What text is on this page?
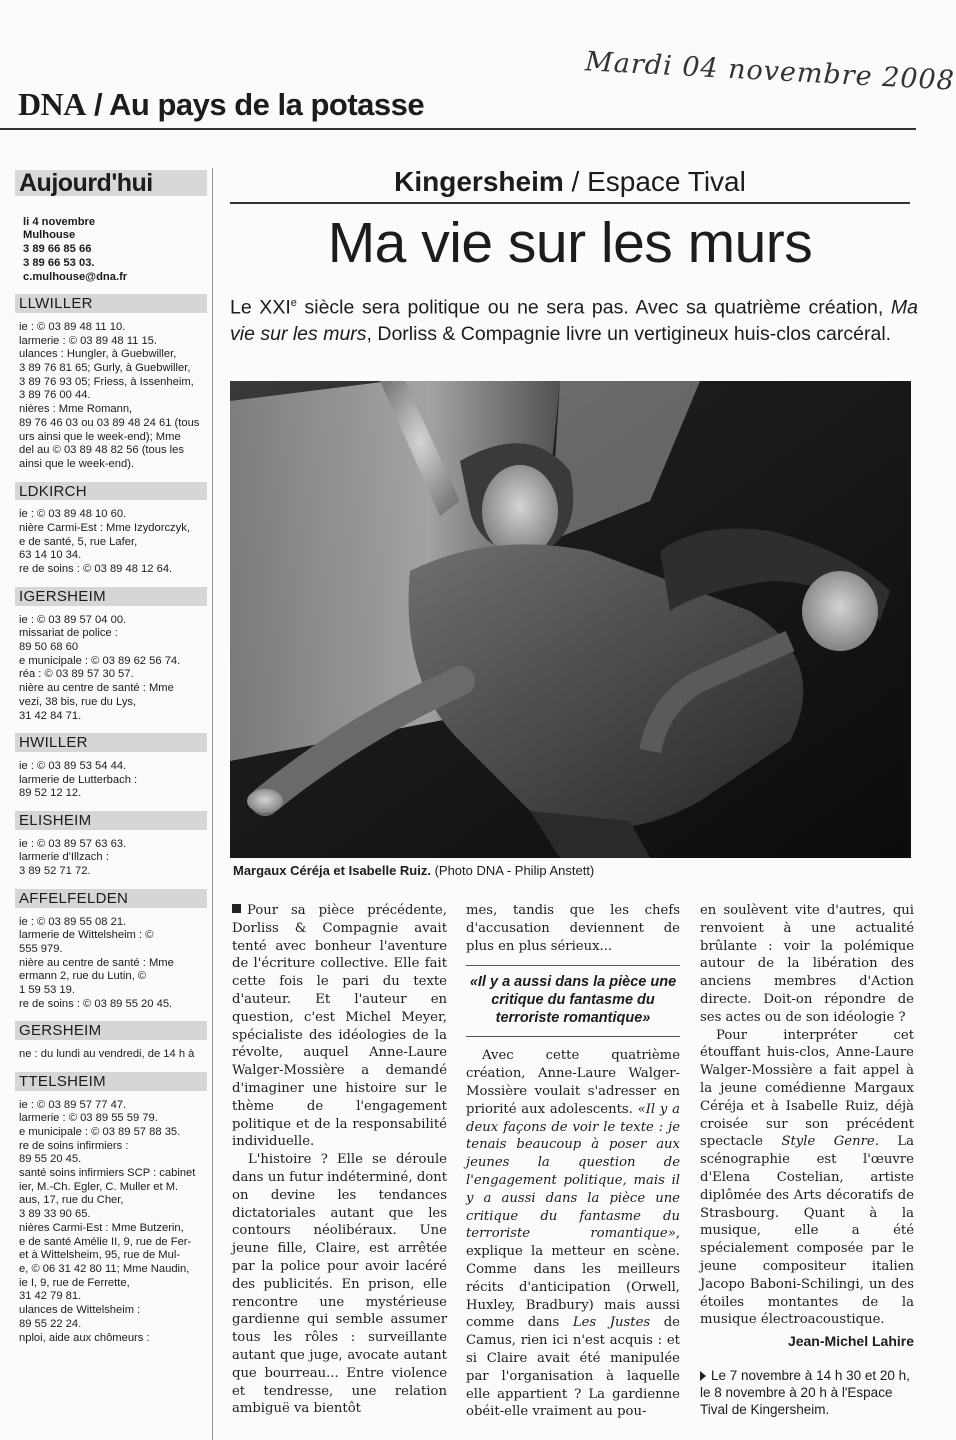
Mardi 04 novembre 2008
DNA / Au pays de la potasse
Aujourd'hui
li 4 novembre
Mulhouse
3 89 66 85 66
3 89 66 53 03.
c.mulhouse@dna.fr
LLWILLER
ie : © 03 89 48 11 10.
larmerie : © 03 89 48 11 15.
ulances : Hungler, à Guebwiller,
3 89 76 81 65; Gurly, à Guebwiller,
3 89 76 93 05; Friess, à Issenheim,
3 89 76 00 44.
nières : Mme Romann,
89 76 46 03 ou 03 89 48 24 61 (tous
urs ainsi que le week-end); Mme
del au © 03 89 48 82 56 (tous les
ainsi que le week-end).
LDKIRCH
ie : © 03 89 48 10 60.
nière Carmi-Est : Mme Izydorczyk,
e de santé, 5, rue Lafer,
63 14 10 34.
re de soins : © 03 89 48 12 64.
IGERSHEIM
ie : © 03 89 57 04 00.
missariat de police :
89 50 68 60
e municipale : © 03 89 62 56 74.
réa : © 03 89 57 30 57.
nière au centre de santé : Mme
vezi, 38 bis, rue du Lys,
31 42 84 71.
HWILLER
ie : © 03 89 53 54 44.
larmerie de Lutterbach :
89 52 12 12.
ELISHEIM
ie : © 03 89 57 63 63.
larmerie d'Illzach :
3 89 52 71 72.
AFFELFELDEN
ie : © 03 89 55 08 21.
larmerie de Wittelsheim : ©
555 979.
nière au centre de santé : Mme
ermann 2, rue du Lutin, ©
1 59 53 19.
re de soins : © 03 89 55 20 45.
GERSHEIM
ne : du lundi au vendredi, de 14 h à
TTELSHEIM
ie : © 03 89 57 77 47.
larmerie : © 03 89 55 59 79.
e municipale : © 03 89 57 88 35.
re de soins infirmiers :
89 55 20 45.
santé soins infirmiers SCP : cabinet
ier, M.-Ch. Egler, C. Muller et M.
aus, 17, rue du Cher,
3 89 33 90 65.
nières Carmi-Est : Mme Butzerin,
e de santé Amélie II, 9, rue de Fer-
et à Wittelsheim, 95, rue de Mul-
e, © 06 31 42 80 11; Mme Naudin,
ie I, 9, rue de Ferrette,
31 42 79 81.
ulances de Wittelsheim :
89 55 22 24.
nploi, aide aux chômeurs :
Kingersheim / Espace Tival
Ma vie sur les murs
Le XXIe siècle sera politique ou ne sera pas. Avec sa quatrième création, Ma vie sur les murs, Dorliss & Compagnie livre un vertigineux huis-clos carcéral.
Margaux Céréja et Isabelle Ruiz. (Photo DNA - Philip Anstett)

Pour sa pièce précédente, Dorliss & Compagnie avait tenté avec bonheur l'aventure de l'écriture collective. Elle fait cette fois le pari du texte d'auteur. Et l'auteur en question, c'est Michel Meyer, spécialiste des idéologies de la révolte, auquel Anne-Laure Walger-Mossière a demandé d'imaginer une histoire sur le thème de l'engagement politique et de la responsabilité individuelle.

L'histoire ? Elle se déroule dans un futur indéterminé, dont on devine les tendances dictatoriales autant que les contours néolibéraux. Une jeune fille, Claire, est arrêtée par la police pour avoir lacéré des publicités. En prison, elle rencontre une mystérieuse gardienne qui semble assumer tous les rôles : surveillante autant que juge, avocate autant que bourreau... Entre violence et tendresse, une relation ambiguë va bientôt

mes, tandis que les chefs d'accusation deviennent de plus en plus sérieux...

«Il y a aussi dans la pièce une critique du fantasme du terroriste romantique»

Avec cette quatrième création, Anne-Laure Walger-Mossière voulait s'adresser en priorité aux adolescents. «Il y a deux façons de voir le texte : je tenais beaucoup à poser aux jeunes la question de l'engagement politique, mais il y a aussi dans la pièce une critique du fantasme du terroriste romantique», explique la metteur en scène. Comme dans les meilleurs récits d'anticipation (Orwell, Huxley, Bradbury) mais aussi comme dans Les Justes de Camus, rien ici n'est acquis : et si Claire avait été manipulée par l'organisation à laquelle elle appartient ? La gardienne obéit-elle vraiment au pou-

en soulèvent vite d'autres, qui renvoient à une actualité brûlante : voir la polémique autour de la libération des anciens membres d'Action directe. Doit-on répondre de ses actes ou de son idéologie ?

Pour interpréter cet étouffant huis-clos, Anne-Laure Walger-Mossière a fait appel à la jeune comédienne Margaux Céréja et à Isabelle Ruiz, déjà croisée sur son précédent spectacle Style Genre. La scénographie est l'œuvre d'Elena Costelian, artiste diplômée des Arts décoratifs de Strasbourg. Quant à la musique, elle a été spécialement composée par le jeune compositeur italien Jacopo Baboni-Schilingi, un des étoiles montantes de la musique électroacoustique.

Jean-Michel Lahire
Le 7 novembre à 14 h 30 et 20 h, le 8 novembre à 20 h à l'Espace Tival de Kingersheim.
